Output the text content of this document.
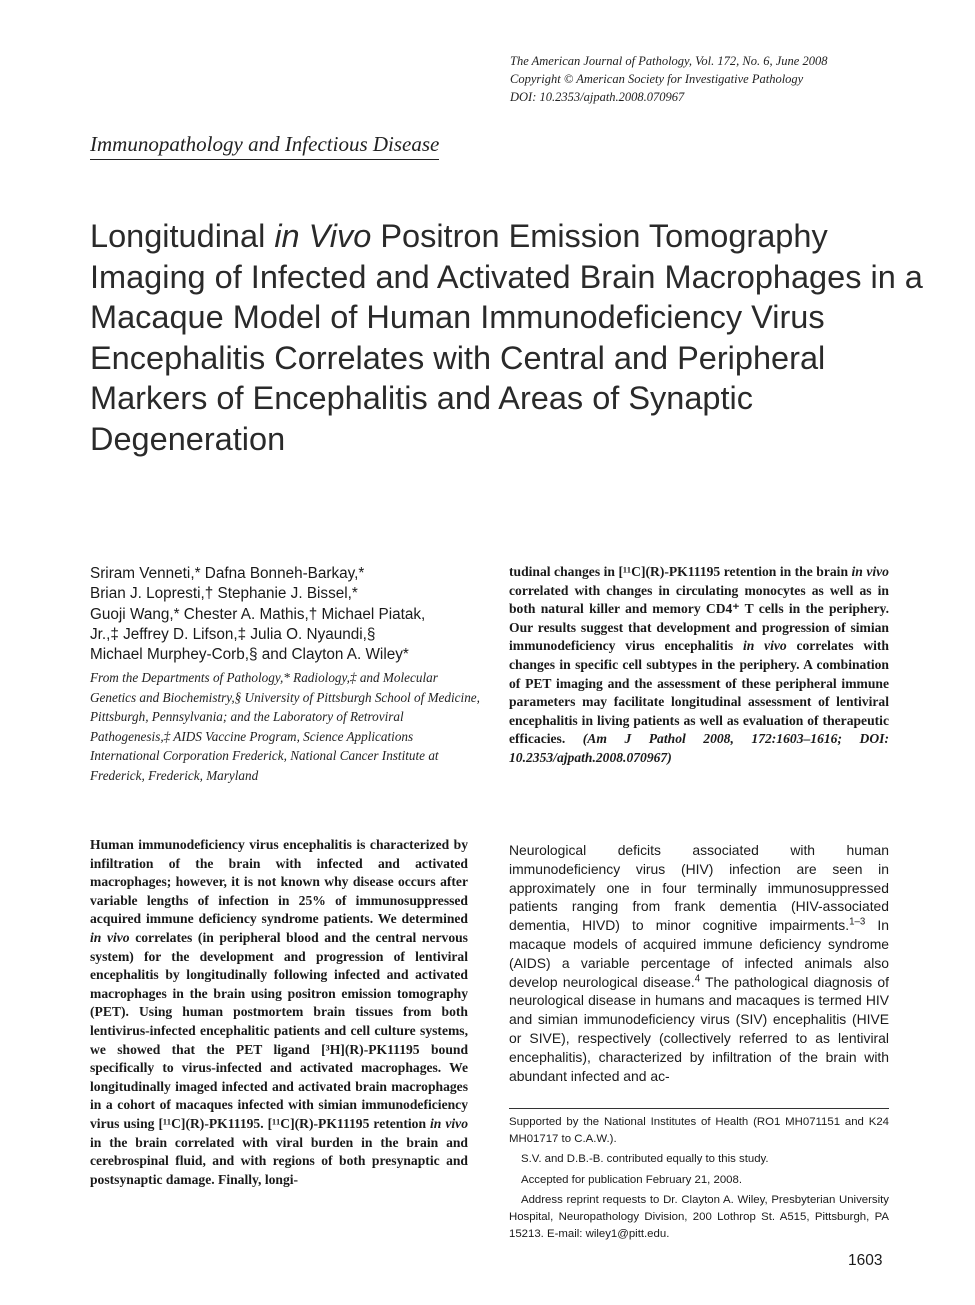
The American Journal of Pathology, Vol. 172, No. 6, June 2008
Copyright © American Society for Investigative Pathology
DOI: 10.2353/ajpath.2008.070967
Immunopathology and Infectious Disease
Longitudinal in Vivo Positron Emission Tomography Imaging of Infected and Activated Brain Macrophages in a Macaque Model of Human Immunodeficiency Virus Encephalitis Correlates with Central and Peripheral Markers of Encephalitis and Areas of Synaptic Degeneration
Sriram Venneti,* Dafna Bonneh-Barkay,*
Brian J. Lopresti,† Stephanie J. Bissel,*
Guoji Wang,* Chester A. Mathis,† Michael Piatak,
Jr.,‡ Jeffrey D. Lifson,‡ Julia O. Nyaundi,§
Michael Murphey-Corb,§ and Clayton A. Wiley*
From the Departments of Pathology,* Radiology,‡ and Molecular Genetics and Biochemistry,§ University of Pittsburgh School of Medicine, Pittsburgh, Pennsylvania; and the Laboratory of Retroviral Pathogenesis,‡ AIDS Vaccine Program, Science Applications International Corporation Frederick, National Cancer Institute at Frederick, Frederick, Maryland
Human immunodeficiency virus encephalitis is characterized by infiltration of the brain with infected and activated macrophages; however, it is not known why disease occurs after variable lengths of infection in 25% of immunosuppressed acquired immune deficiency syndrome patients. We determined in vivo correlates (in peripheral blood and the central nervous system) for the development and progression of lentiviral encephalitis by longitudinally following infected and activated macrophages in the brain using positron emission tomography (PET). Using human postmortem brain tissues from both lentivirus-infected encephalitic patients and cell culture systems, we showed that the PET ligand [³H](R)-PK11195 bound specifically to virus-infected and activated macrophages. We longitudinally imaged infected and activated brain macrophages in a cohort of macaques infected with simian immunodeficiency virus using [¹¹C](R)-PK11195. [¹¹C](R)-PK11195 retention in vivo in the brain correlated with viral burden in the brain and cerebrospinal fluid, and with regions of both presynaptic and postsynaptic damage. Finally, longi-
tudinal changes in [¹¹C](R)-PK11195 retention in the brain in vivo correlated with changes in circulating monocytes as well as in both natural killer and memory CD4⁺ T cells in the periphery. Our results suggest that development and progression of simian immunodeficiency virus encephalitis in vivo correlates with changes in specific cell subtypes in the periphery. A combination of PET imaging and the assessment of these peripheral immune parameters may facilitate longitudinal assessment of lentiviral encephalitis in living patients as well as evaluation of therapeutic efficacies. (Am J Pathol 2008, 172:1603–1616; DOI: 10.2353/ajpath.2008.070967)
Neurological deficits associated with human immunodeficiency virus (HIV) infection are seen in approximately one in four terminally immunosuppressed patients ranging from frank dementia (HIV-associated dementia, HIVD) to minor cognitive impairments.$^{1-3}$ In macaque models of acquired immune deficiency syndrome (AIDS) a variable percentage of infected animals also develop neurological disease.$^4$ The pathological diagnosis of neurological disease in humans and macaques is termed HIV and simian immunodeficiency virus (SIV) encephalitis (HIVE or SIVE), respectively (collectively referred to as lentiviral encephalitis), characterized by infiltration of the brain with abundant infected and ac-

Supported by the National Institutes of Health (RO1 MH071151 and K24 MH01717 to C.A.W.).

S.V. and D.B.-B. contributed equally to this study.

Accepted for publication February 21, 2008.

Address reprint requests to Dr. Clayton A. Wiley, Presbyterian University Hospital, Neuropathology Division, 200 Lothrop St. A515, Pittsburgh, PA 15213. E-mail: wiley1@pitt.edu.

1603
